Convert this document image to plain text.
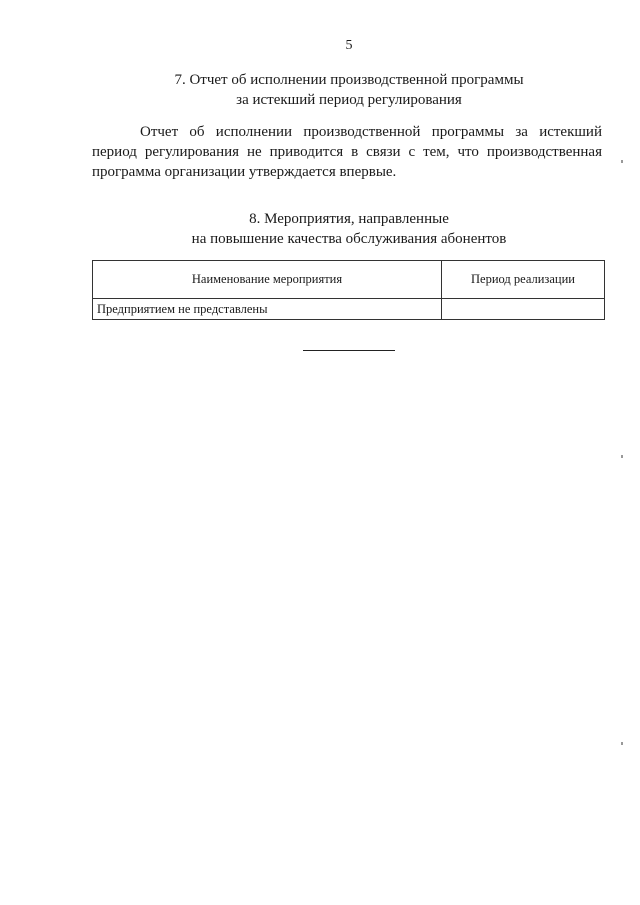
5
7. Отчет об исполнении производственной программы
за истекший период регулирования

Отчет об исполнении производственной программы за истекший период регулирования не приводится в связи с тем, что производственная программа организации утверждается впервые.

8. Мероприятия, направленные
на повышение качества обслуживания абонентов
Наименование мероприятия	Период реализации
Предприятием не представлены	
